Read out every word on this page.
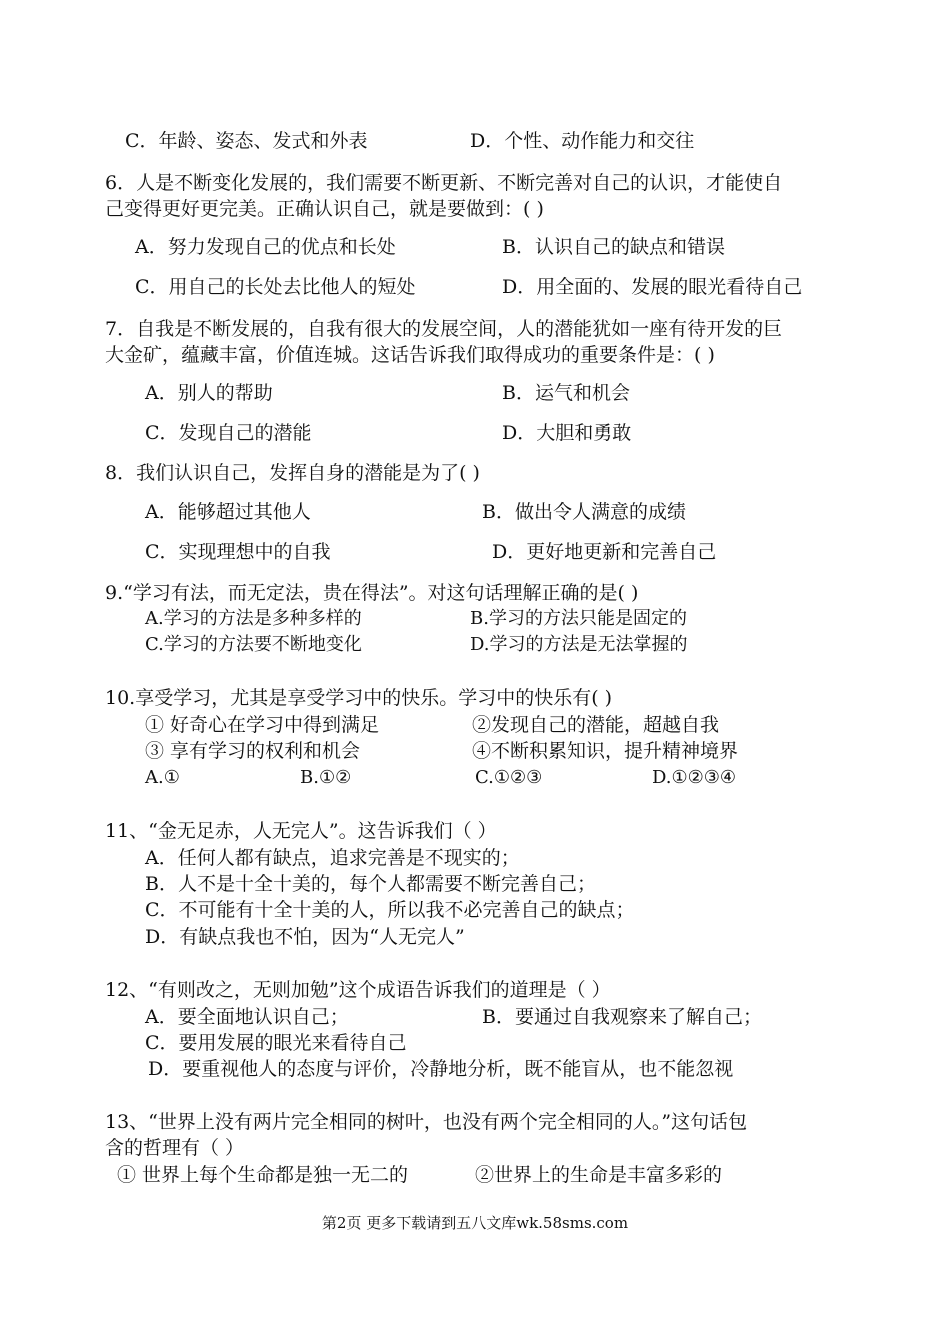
C．年龄、姿态、发式和外表	D．个性、动作能力和交往
6．人是不断变化发展的，我们需要不断更新、不断完善对自己的认识，才能使自
己变得更好更完美。正确认识自己，就是要做到：( )
A．努力发现自己的优点和长处	B．认识自己的缺点和错误
C．用自己的长处去比他人的短处	D．用全面的、发展的眼光看待自己
7．自我是不断发展的，自我有很大的发展空间，人的潜能犹如一座有待开发的巨
大金矿，蕴藏丰富，价值连城。这话告诉我们取得成功的重要条件是：( )
A．别人的帮助	B．运气和机会
C．发现自己的潜能	D．大胆和勇敢
8．我们认识自己，发挥自身的潜能是为了( )
A．能够超过其他人	B．做出令人满意的成绩
C．实现理想中的自我	D．更好地更新和完善自己
9.“学习有法，而无定法，贵在得法”。对这句话理解正确的是( )
A.学习的方法是多种多样的	B.学习的方法只能是固定的
C.学习的方法要不断地变化	D.学习的方法是无法掌握的
10.享受学习，尤其是享受学习中的快乐。学习中的快乐有( )
① 好奇心在学习中得到满足	②发现自己的潜能，超越自我
③ 享有学习的权利和机会	④不断积累知识，提升精神境界
A.①	B.①②	C.①②③	D.①②③④
11、“金无足赤，人无完人”。这告诉我们（ ）
A．任何人都有缺点，追求完善是不现实的；
B．人不是十全十美的，每个人都需要不断完善自己；
C．不可能有十全十美的人，所以我不必完善自己的缺点；
D．有缺点我也不怕，因为“人无完人”
12、“有则改之，无则加勉”这个成语告诉我们的道理是（ ）
A．要全面地认识自己；	B．要通过自我观察来了解自己；
C．要用发展的眼光来看待自己
D．要重视他人的态度与评价，冷静地分析，既不能盲从，也不能忽视
13、“世界上没有两片完全相同的树叶，也没有两个完全相同的人。”这句话包
含的哲理有（ ）
① 世界上每个生命都是独一无二的	②世界上的生命是丰富多彩的
第2页 更多下载请到五八文库wk.58sms.com
